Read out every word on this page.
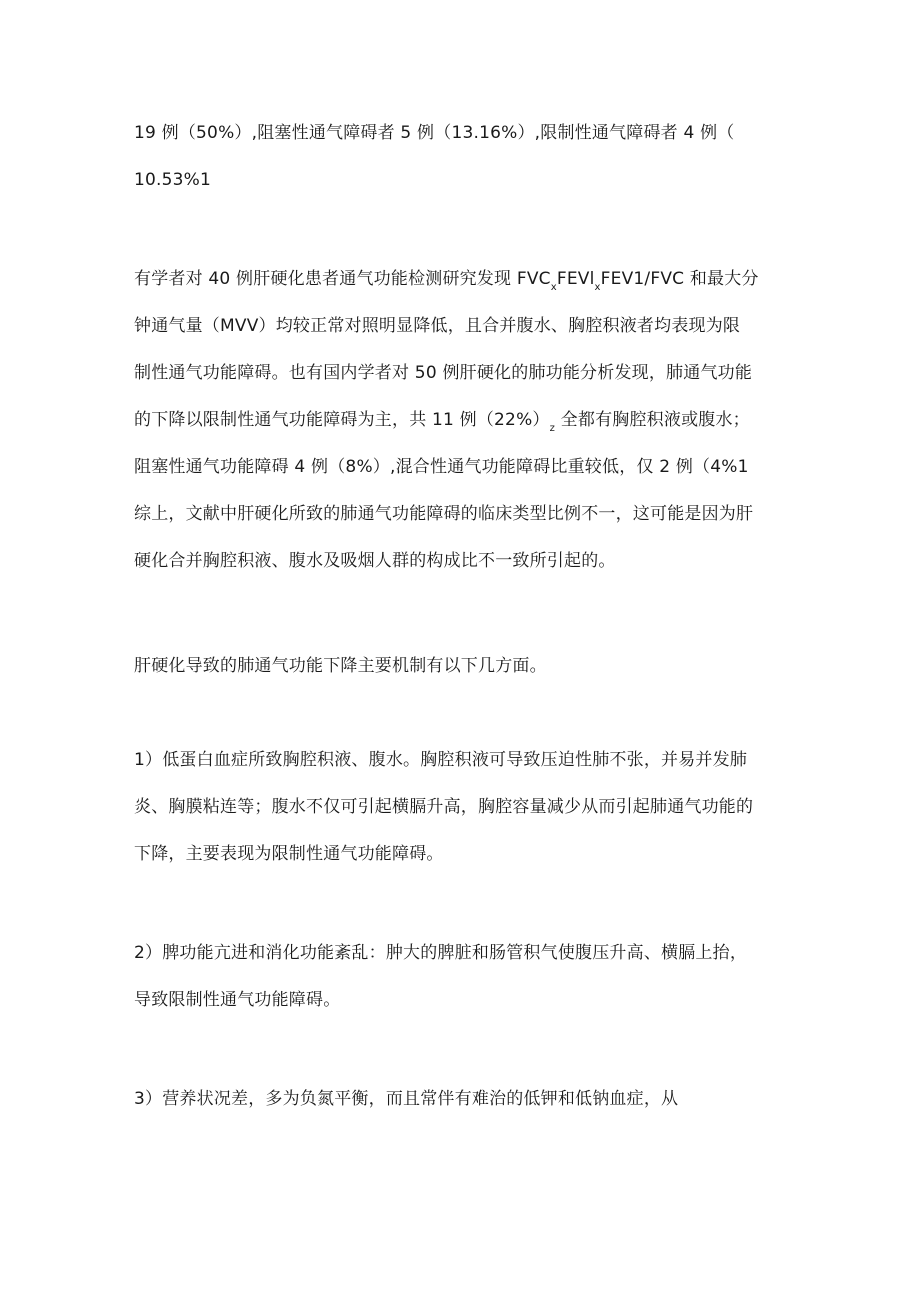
19 例（50%）,阻塞性通气障碍者 5 例（13.16%）,限制性通气障碍者 4 例（
10.53%1

有学者对 40 例肝硬化患者通气功能检测研究发现 $FVC_xFEVl_xFEV1$/FVC 和最大分
钟通气量（MVV）均较正常对照明显降低，且合并腹水、胸腔积液者均表现为限
制性通气功能障碍。也有国内学者对 50 例肝硬化的肺功能分析发现，肺通气功能
的下降以限制性通气功能障碍为主，共 11 例$(22\%)_z$ 全都有胸腔积液或腹水；
阻塞性通气功能障碍 4 例（8%）,混合性通气功能障碍比重较低，仅 2 例（4%1
综上，文献中肝硬化所致的肺通气功能障碍的临床类型比例不一，这可能是因为肝
硬化合并胸腔积液、腹水及吸烟人群的构成比不一致所引起的。

肝硬化导致的肺通气功能下降主要机制有以下几方面。

1）低蛋白血症所致胸腔积液、腹水。胸腔积液可导致压迫性肺不张，并易并发肺
炎、胸膜粘连等；腹水不仅可引起横膈升高，胸腔容量减少从而引起肺通气功能的
下降，主要表现为限制性通气功能障碍。

2）脾功能亢进和消化功能紊乱：肿大的脾脏和肠管积气使腹压升高、横膈上抬，
导致限制性通气功能障碍。

3）营养状况差，多为负氮平衡，而且常伴有难治的低钾和低钠血症，从
